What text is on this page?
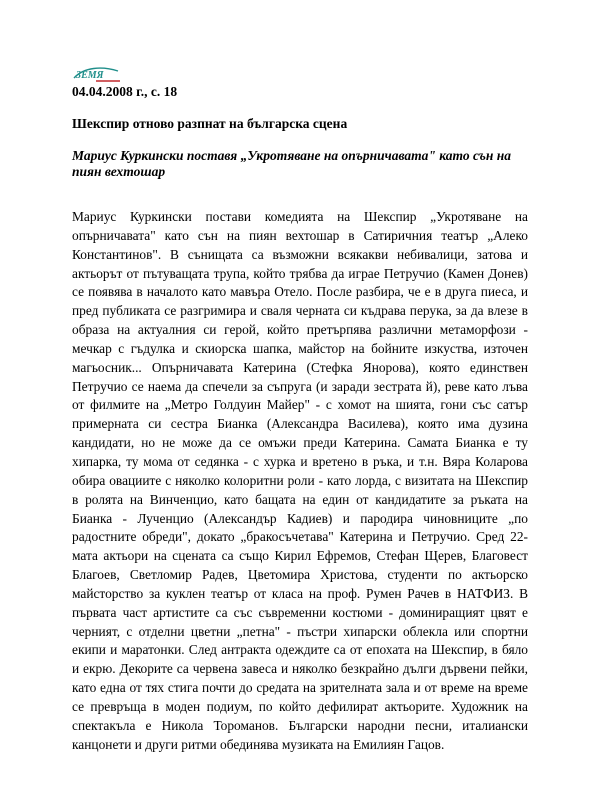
ЗЕМЯ

04.04.2008 г., с. 18

Шекспир отново разпнат на българска сцена
Мариус Куркински поставя „Укротяване на опърничавата" като сън на пиян вехтошар

Мариус Куркински постави комедията на Шекспир „Укротяване на опърничавата" като сън на пиян вехтошар в Сатиричния театър „Алеко Константинов". В сънищата са възможни всякакви небивалици, затова и актьорът от пътуващата трупа, който трябва да играе Петручио (Камен Донев) се появява в началото като мавъра Отело. После разбира, че е в друга пиеса, и пред публиката се разгримира и сваля черната си къдрава перука, за да влезе в образа на актуалния си герой, който претърпява различни метаморфози - мечкар с гъдулка и скиорска шапка, майстор на бойните изкуства, източен магьосник... Опърничавата Катерина (Стефка Янорова), която единствен Петручио се наема да спечели за съпруга (и заради зестрата й), реве като лъва от филмите на „Метро Голдуин Майер" - с хомот на шията, гони със сатър примерната си сестра Бианка (Александра Василева), която има дузина кандидати, но не може да се омъжи преди Катерина. Самата Бианка е ту хипарка, ту мома от седянка - с хурка и вретено в ръка, и т.н. Вяра Коларова обира овациите с няколко колоритни роли - като лорда, с визитата на Шекспир в ролята на Винченцио, като бащата на един от кандидатите за ръката на Бианка - Лученцио (Александър Кадиев) и пародира чиновниците „по радостните обреди", докато „бракосъчетава" Катерина и Петручио. Сред 22-мата актьори на сцената са също Кирил Ефремов, Стефан Щерев, Благовест Благоев, Светломир Радев, Цветомира Христова, студенти по актьорско майсторство за куклен театър от класа на проф. Румен Рачев в НАТФИЗ. В първата част артистите са със съвременни костюми - доминиращият цвят е черният, с отделни цветни „петна" - пъстри хипарски облекла или спортни екипи и маратонки. След антракта одеждите са от епохата на Шекспир, в бяло и екрю. Декорите са червена завеса и няколко безкрайно дълги дървени пейки, като една от тях стига почти до средата на зрителната зала и от време на време се превръща в моден подиум, по който дефилират актьорите. Художник на спектакъла е Никола Тороманов. Български народни песни, италиански канцонети и други ритми обединява музиката на Емилиян Гацов.
